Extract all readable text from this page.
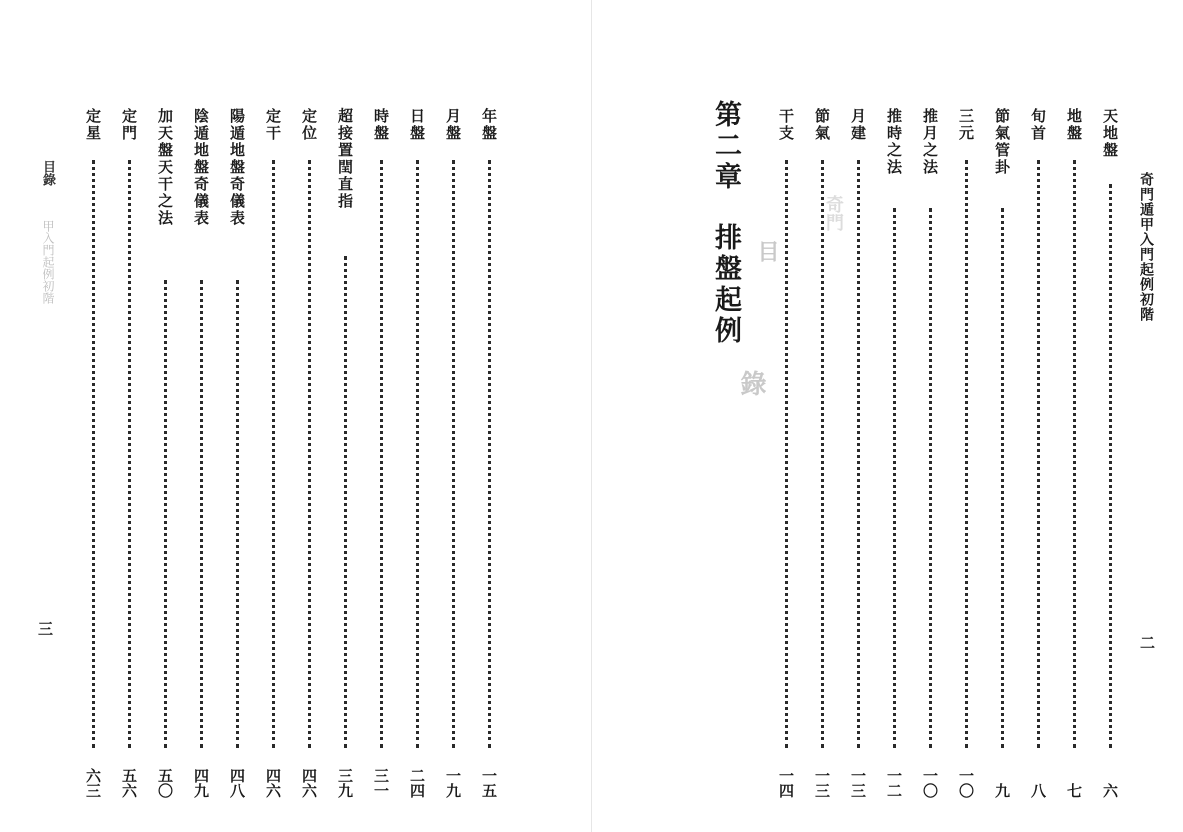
目錄
甲入門起例初階
三
年盤
一五
月盤
一九
日盤
二四
時盤
三一
超接置閏直指
三九
定位
四六
定干
四六
陽遁地盤奇儀表
四八
陰遁地盤奇儀表
四九
加天盤天干之法
五〇
定門
五六
定星
六三
奇門遁甲入門起例初階
二
第二章排盤起例 目
錄
奇門
天地盤
六
地盤
七
旬首
八
節氣管卦
九
三元
一〇
推月之法
一〇
推時之法
一二
月建
一三
節氣
一三
干支
一四
